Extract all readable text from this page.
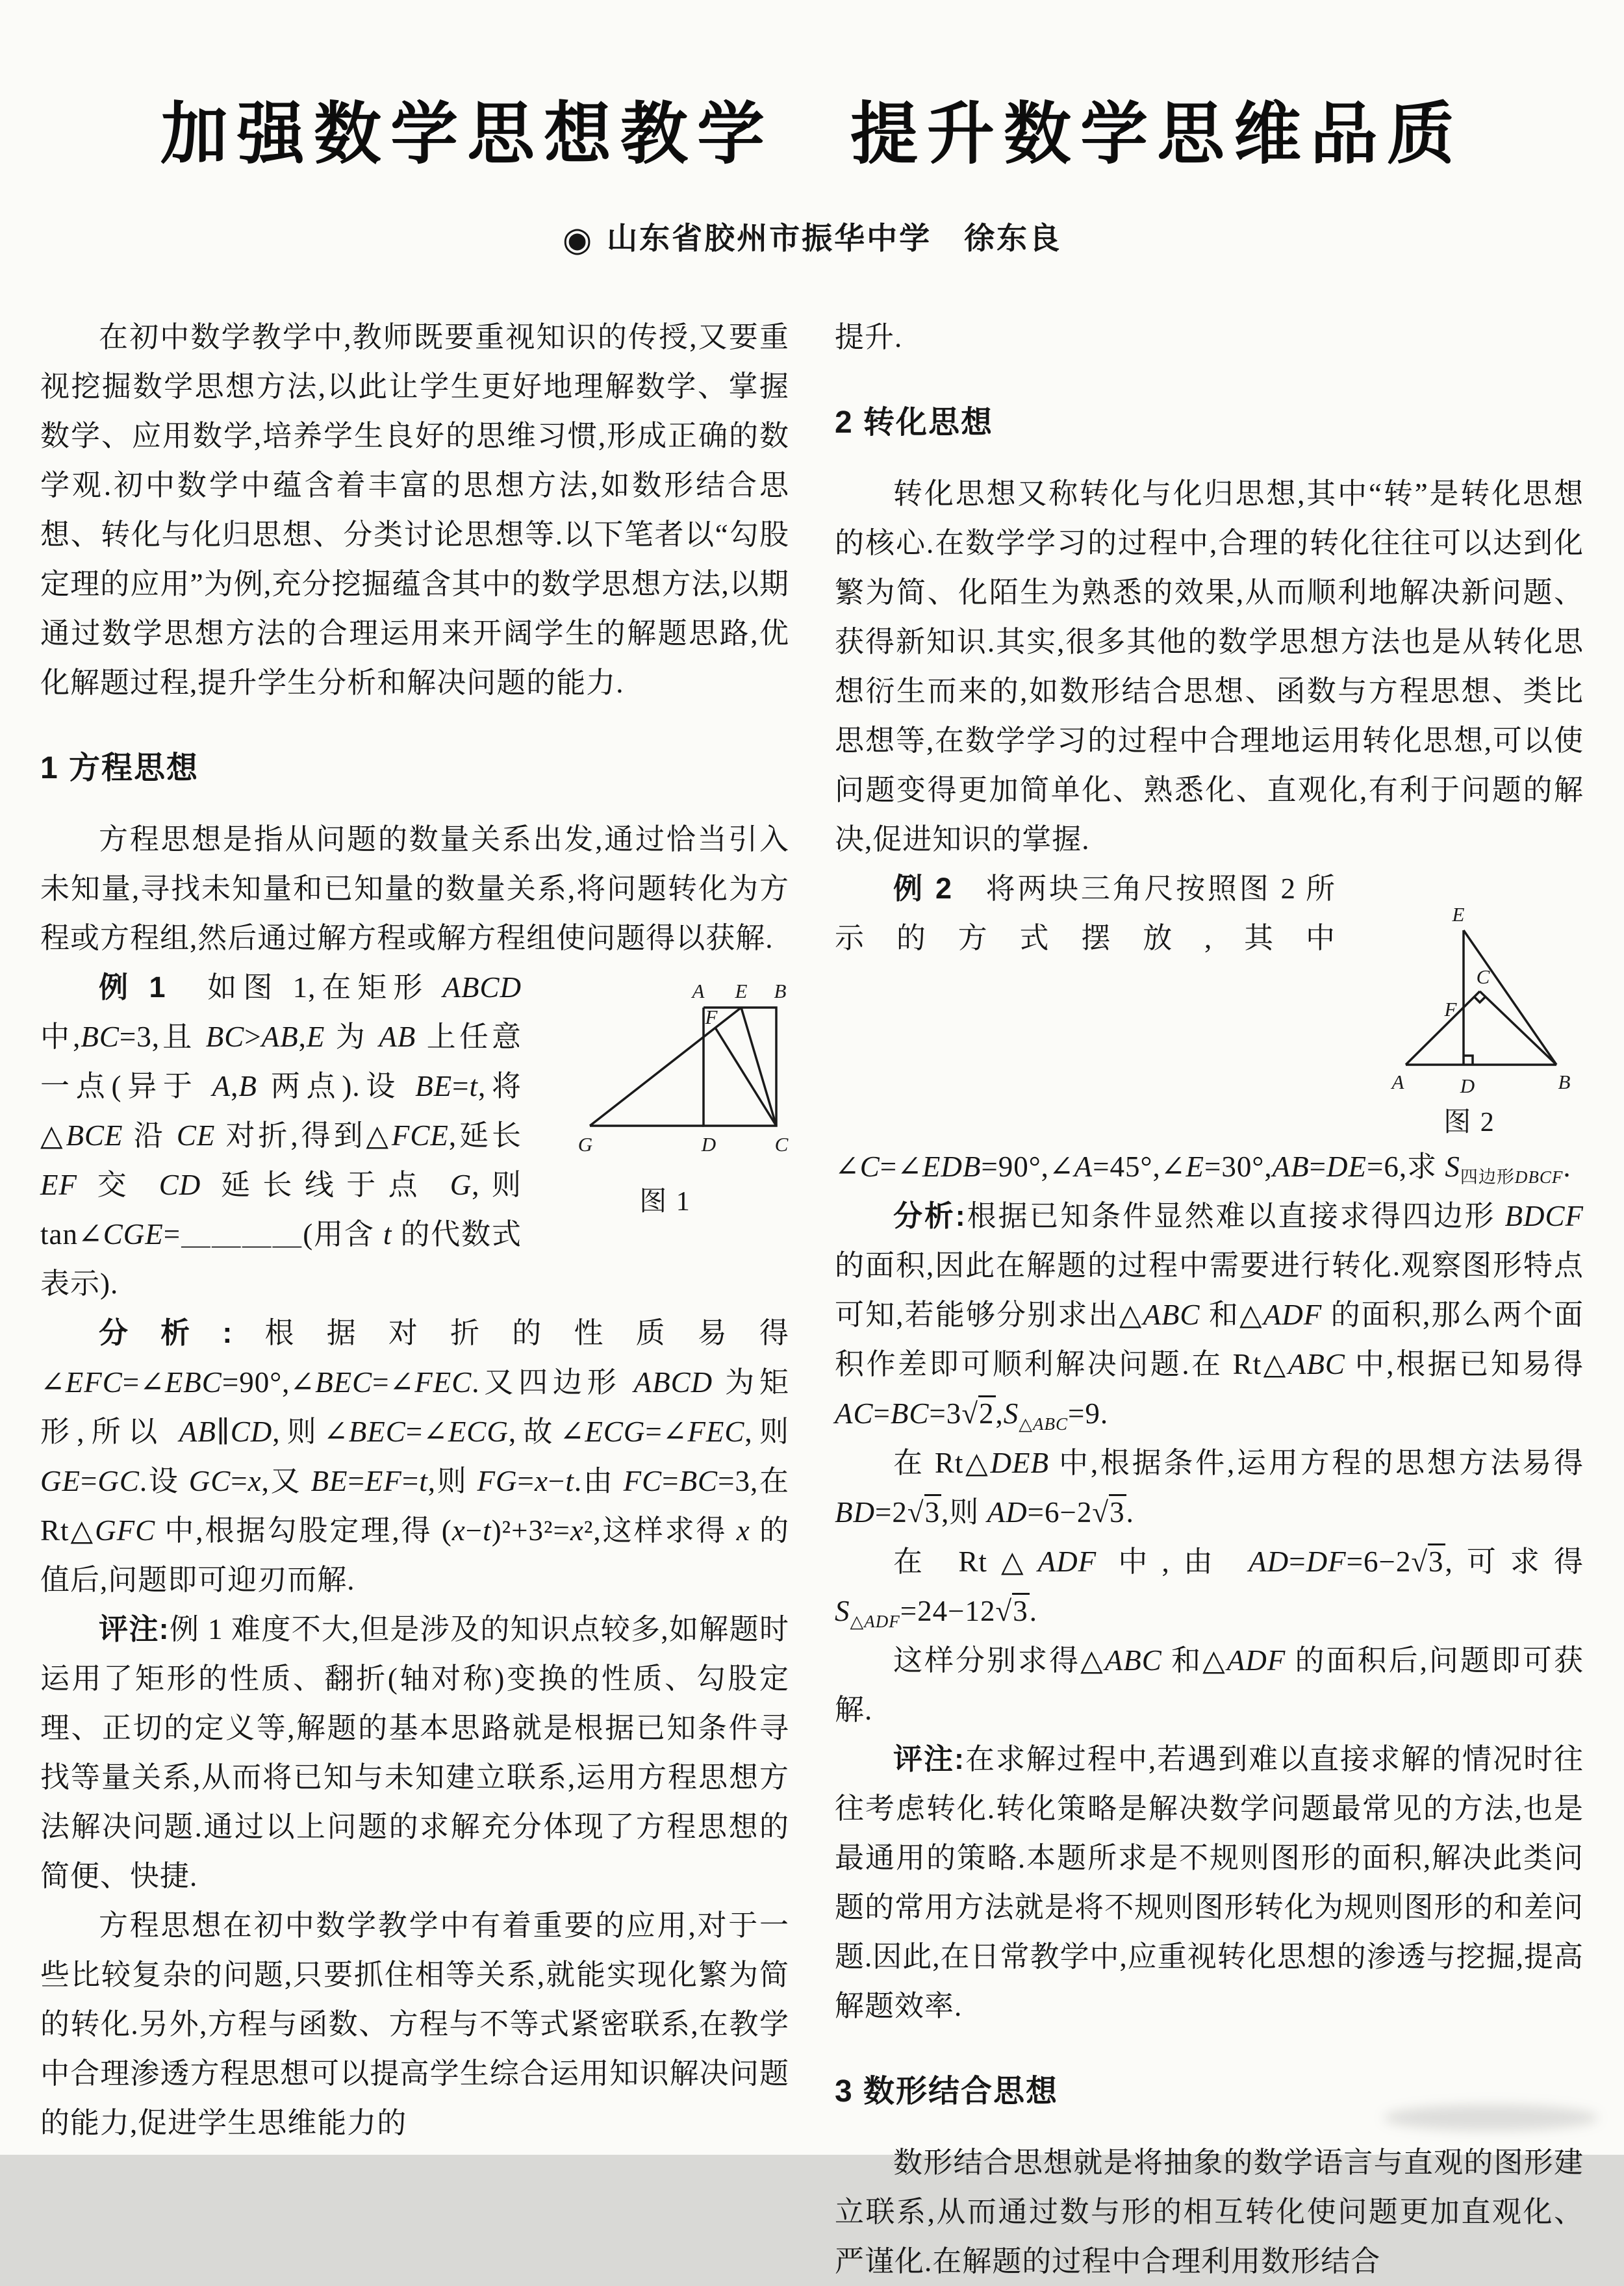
加强数学思想教学　提升数学思维品质
◉ 山东省胶州市振华中学　徐东良

在初中数学教学中,教师既要重视知识的传授,又要重视挖掘数学思想方法,以此让学生更好地理解数学、掌握数学、应用数学,培养学生良好的思维习惯,形成正确的数学观.初中数学中蕴含着丰富的思想方法,如数形结合思想、转化与化归思想、分类讨论思想等.以下笔者以“勾股定理的应用”为例,充分挖掘蕴含其中的数学思想方法,以期通过数学思想方法的合理运用来开阔学生的解题思路,优化解题过程,提升学生分析和解决问题的能力.

1 方程思想

方程思想是指从问题的数量关系出发,通过恰当引入未知量,寻找未知量和已知量的数量关系,将问题转化为方程或方程组,然后通过解方程或解方程组使问题得以获解.

A E B
F
G	D	C
图 1

例 1　如图 1,在矩形 ABCD 中,BC=3,且 BC>AB,E 为 AB 上任意一点(异于 A,B 两点).设 BE=t,将△BCE 沿 CE 对折,得到△FCE,延长 EF 交 CD 延长线于点 G,则 tan∠CGE=＿＿＿＿(用含 t 的代数式表示).

分析:根据对折的性质易得∠EFC=∠EBC=90°,∠BEC=∠FEC.又四边形 ABCD 为矩形,所以 AB∥CD,则∠BEC=∠ECG,故∠ECG=∠FEC,则 GE=GC.设 GC=x,又 BE=EF=t,则 FG=x−t.由 FC=BC=3,在 Rt△GFC 中,根据勾股定理,得 (x−t)²+3²=x²,这样求得 x 的值后,问题即可迎刃而解.

评注:例 1 难度不大,但是涉及的知识点较多,如解题时运用了矩形的性质、翻折(轴对称)变换的性质、勾股定理、正切的定义等,解题的基本思路就是根据已知条件寻找等量关系,从而将已知与未知建立联系,运用方程思想方法解决问题.通过以上问题的求解充分体现了方程思想的简便、快捷.

方程思想在初中数学教学中有着重要的应用,对于一些比较复杂的问题,只要抓住相等关系,就能实现化繁为简的转化.另外,方程与函数、方程与不等式紧密联系,在教学中合理渗透方程思想可以提高学生综合运用知识解决问题的能力,促进学生思维能力的

提升.

2 转化思想

转化思想又称转化与化归思想,其中“转”是转化思想的核心.在数学学习的过程中,合理的转化往往可以达到化繁为简、化陌生为熟悉的效果,从而顺利地解决新问题、获得新知识.其实,很多其他的数学思想方法也是从转化思想衍生而来的,如数形结合思想、函数与方程思想、类比思想等,在数学学习的过程中合理地运用转化思想,可以使问题变得更加简单化、熟悉化、直观化,有利于问题的解决,促进知识的掌握.

E
C
F
A	D	B
图 2

例 2　将两块三角尺按照图 2 所示的方式摆放,其中∠C=∠EDB=90°,∠A=45°,∠E=30°,AB=DE=6,求 $S_{四边形DBCF}$.

分析:根据已知条件显然难以直接求得四边形 BDCF 的面积,因此在解题的过程中需要进行转化.观察图形特点可知,若能够分别求出△ABC 和△ADF 的面积,那么两个面积作差即可顺利解决问题.在 Rt△ABC 中,根据已知易得 $AC=BC=3√2,S_{\triangle ABC}=9$.

在 Rt△DEB 中,根据条件,运用方程的思想方法易得 BD=2√3,则 AD=6−2√3.

在 Rt△ADF 中,由 AD=DF=6−2√3,可求得 $S_{\triangle ADF}=24-12√3$.

这样分别求得△ABC 和△ADF 的面积后,问题即可获解.

评注:在求解过程中,若遇到难以直接求解的情况时往往考虑转化.转化策略是解决数学问题最常见的方法,也是最通用的策略.本题所求是不规则图形的面积,解决此类问题的常用方法就是将不规则图形转化为规则图形的和差问题.因此,在日常教学中,应重视转化思想的渗透与挖掘,提高解题效率.

3 数形结合思想

数形结合思想就是将抽象的数学语言与直观的图形建立联系,从而通过数与形的相互转化使问题更加直观化、严谨化.在解题的过程中合理利用数形结合
